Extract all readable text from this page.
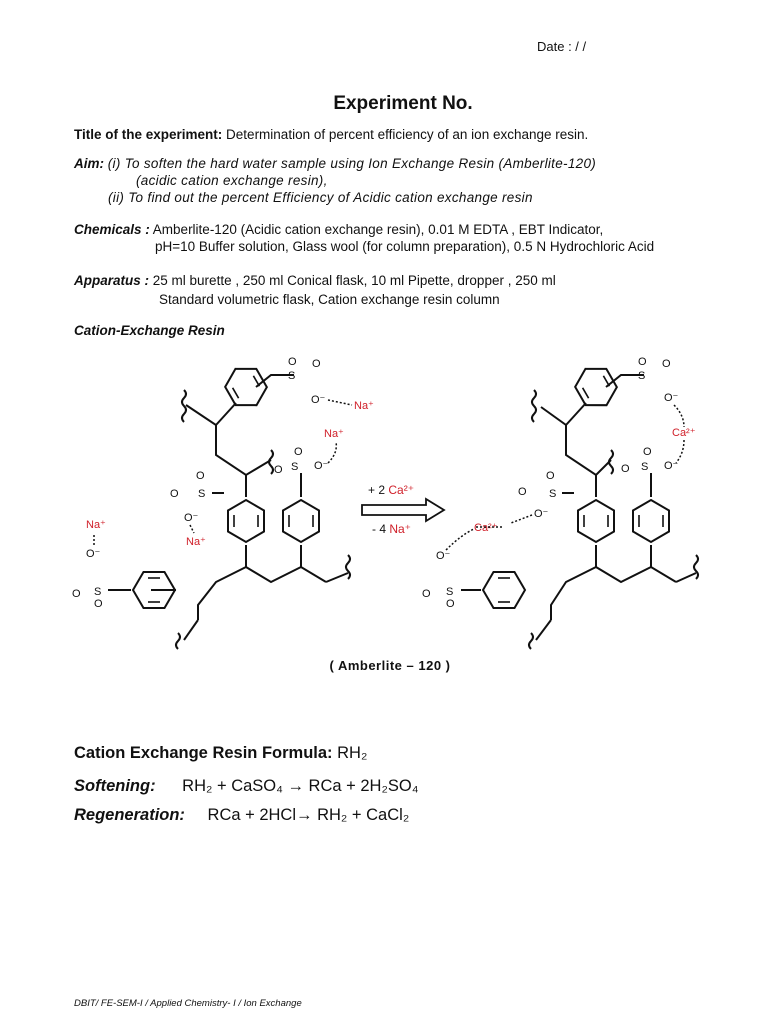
Date : / /
Experiment No.
Title of the experiment: Determination of percent efficiency of an ion exchange resin.
Aim: (i) To soften the hard water sample using Ion Exchange Resin (Amberlite-120)
(acidic cation exchange resin),
(ii) To find out the percent Efficiency of Acidic cation exchange resin
Chemicals : Amberlite-120 (Acidic cation exchange resin), 0.01 M EDTA , EBT Indicator,
pH=10 Buffer solution, Glass wool (for column preparation), 0.5 N Hydrochloric Acid
Apparatus : 25 ml burette , 250 ml Conical flask, 10 ml Pipette, dropper , 250 ml
Standard volumetric flask, Cation exchange resin column
Cation-Exchange Resin
S
O O
O⁻
S
O
O
O⁻
S
O
O
O⁻
S
O
O
O⁻
Na⁺
Na⁺
Na⁺
Na⁺
+ 2 Ca²⁺
- 4 Na⁺
S
O O
O⁻
S
O
O
O⁻
S
O
O
O⁻
S
O
O
O⁻
Ca²⁺
Ca²⁺
( Amberlite – 120 )
Cation Exchange Resin Formula: RH₂
Softening: RH₂ + CaSO₄ → RCa + 2H₂SO₄
Regeneration: RCa + 2HCl→ RH₂ + CaCl₂
DBIT/ FE-SEM-I / Applied Chemistry- I / Ion Exchange
